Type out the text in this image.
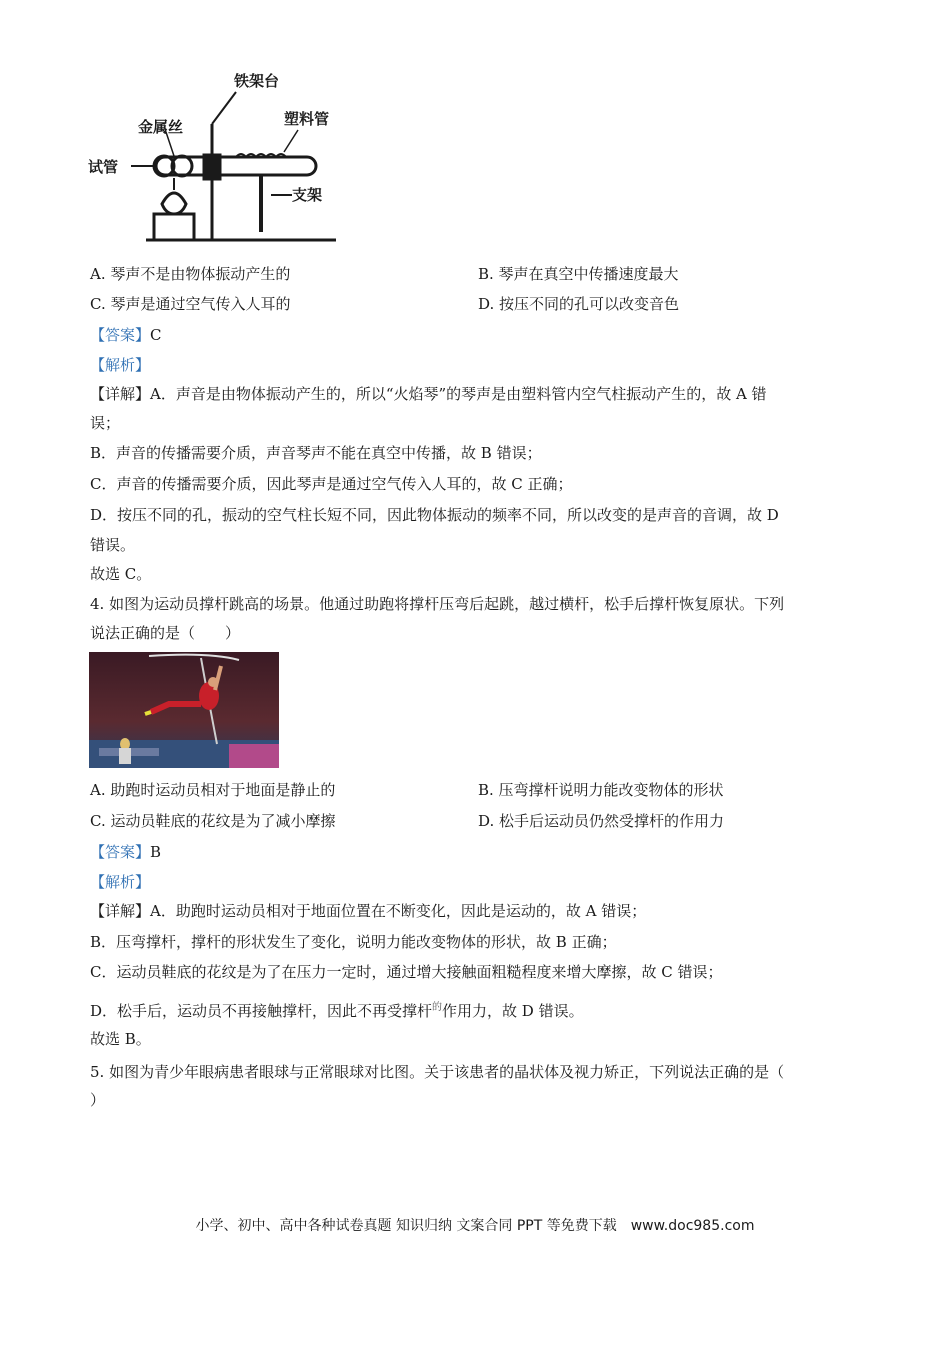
铁架台
金属丝	塑料管
试管
支架
A. 琴声不是由物体振动产生的	B. 琴声在真空中传播速度最大
C. 琴声是通过空气传入人耳的	D. 按压不同的孔可以改变音色
【答案】C
【解析】
【详解】A．声音是由物体振动产生的，所以“火焰琴”的琴声是由塑料管内空气柱振动产生的，故 A 错
误；
B．声音的传播需要介质，声音琴声不能在真空中传播，故 B 错误；
C．声音的传播需要介质，因此琴声是通过空气传入人耳的，故 C 正确；
D．按压不同的孔，振动的空气柱长短不同，因此物体振动的频率不同，所以改变的是声音的音调，故 D
错误。
故选 C。
4. 如图为运动员撑杆跳高的场景。他通过助跑将撑杆压弯后起跳，越过横杆，松手后撑杆恢复原状。下列
说法正确的是（　　）
A. 助跑时运动员相对于地面是静止的	B. 压弯撑杆说明力能改变物体的形状
C. 运动员鞋底的花纹是为了减小摩擦	D. 松手后运动员仍然受撑杆的作用力
【答案】B
【解析】
【详解】A．助跑时运动员相对于地面位置在不断变化，因此是运动的，故 A 错误；
B．压弯撑杆，撑杆的形状发生了变化，说明力能改变物体的形状，故 B 正确；
C．运动员鞋底的花纹是为了在压力一定时，通过增大接触面粗糙程度来增大摩擦，故 C 错误；
D．松手后，运动员不再接触撑杆，因此不再受撑杆$^的$作用力，故 D 错误。
故选 B。
5. 如图为青少年眼病患者眼球与正常眼球对比图。关于该患者的晶状体及视力矫正，下列说法正确的是（
）
小学、初中、高中各种试卷真题 知识归纳 文案合同 PPT 等免费下载　www.doc985.com
